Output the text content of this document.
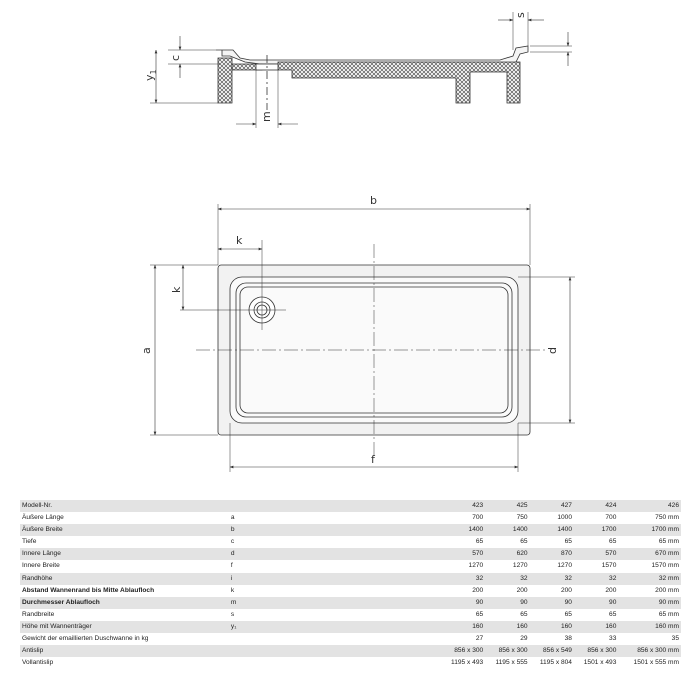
c
$y_1$
m
s
b
k
k
a	d
f
Modell-Nr.		423	425	427	424	426
Äußere Länge	a	700	750	1000	700	750 mm
Äußere Breite	b	1400	1400	1400	1700	1700 mm
Tiefe	c	65	65	65	65	65 mm
Innere Länge	d	570	620	870	570	670 mm
Innere Breite	f	1270	1270	1270	1570	1570 mm
Randhöhe	i	32	32	32	32	32 mm
Abstand Wannenrand bis Mitte Ablaufloch	k	200	200	200	200	200 mm
Durchmesser Ablaufloch	m	90	90	90	90	90 mm
Randbreite	s	65	65	65	65	65 mm
Höhe mit Wannenträger	y₁	160	160	160	160	160 mm
Gewicht der emaillierten Duschwanne in kg		27	29	38	33	35
Antislip		856 x 300	856 x 300	856 x 549	856 x 300	856 x 300 mm
Vollantislip		1195 x 493	1195 x 555	1195 x 804	1501 x 493	1501 x 555 mm
